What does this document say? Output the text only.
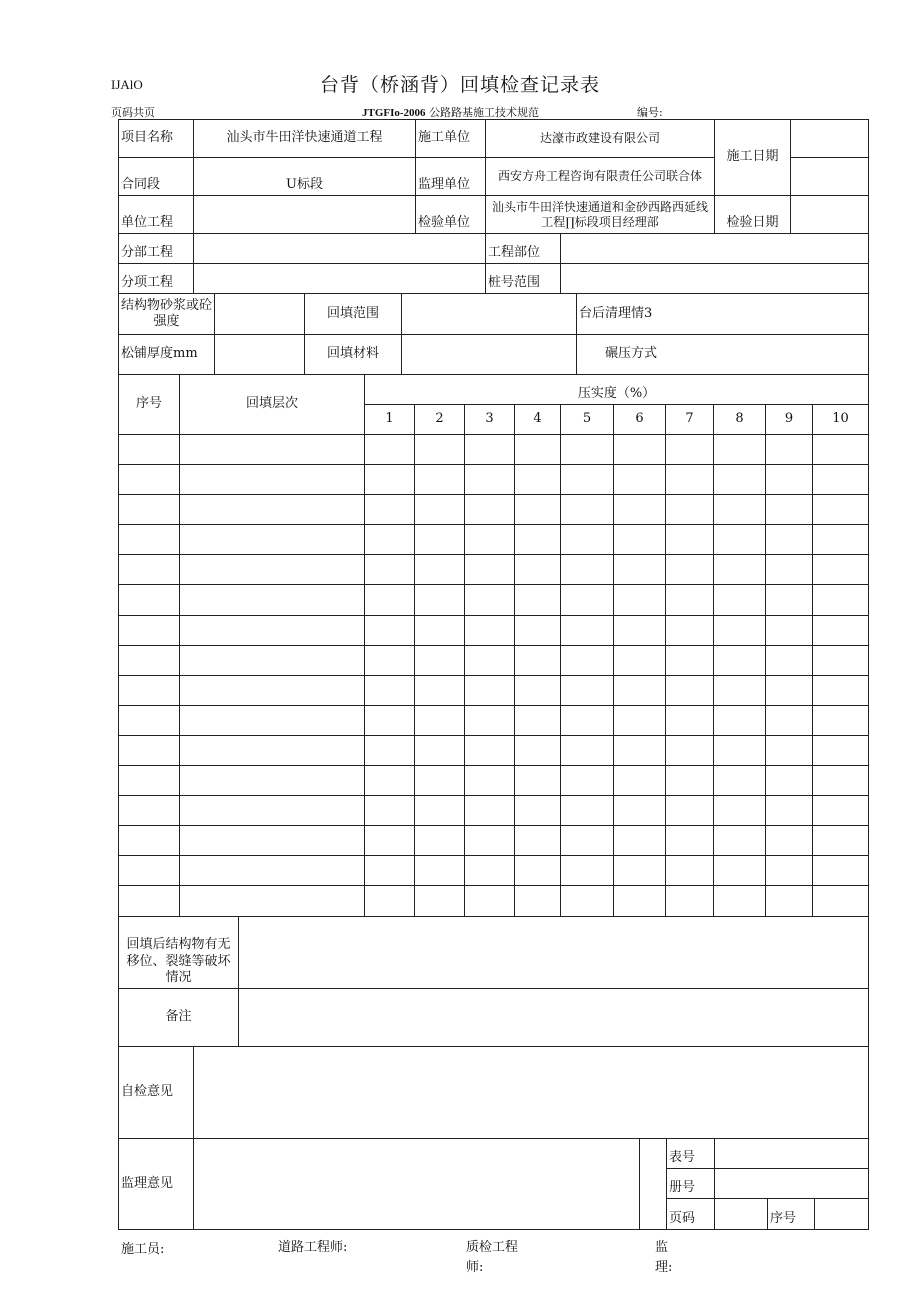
IJAlO	台背（桥涵背）回填检查记录表
页码共页	JTGFIo-2006 公路路基施工技术规范	编号:
项目名称	汕头市牛田洋快速通道工程	施工单位	达濠市政建设有限公司	施工日期	
合同段	U标段	监理单位	西安方舟工程咨询有限责任公司联合体		
单位工程		检验单位	汕头市牛田洋快速通道和金砂西路西延线工程∏标段项目经理部	检验日期	
分部工程		工程部位	
分项工程		桩号范围	
结构物砂浆或砼强度		回填范围		台后清理情3
松铺厚度mm		回填材料		碾压方式
序号	回填层次	压实度（%）									
		1	2	3	4	5	6	7	8	9	10

回填后结构物有无移位、裂缝等破坏情况	
备注	
自检意见						
监理意见			表号			
			册号			
			页码		序号	
施工员:	道路工程师:	质检工程师:
监理:
